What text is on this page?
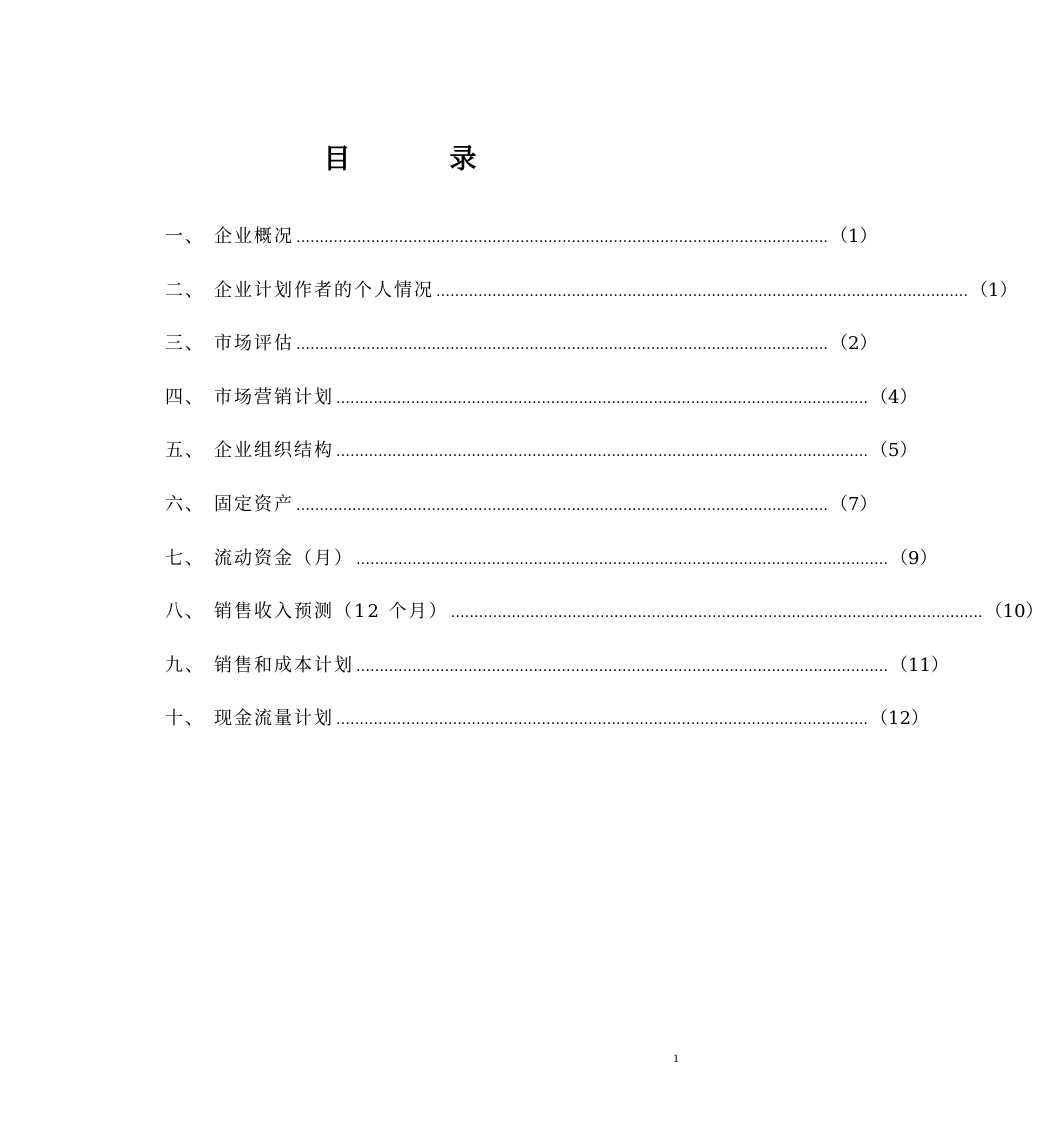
目　录
一、 企业概况 …………………………………………………………………………………………………… （1）
二、 企业计划作者的个人情况 …………………………………………………………………………………………………… （1）
三、 市场评估 …………………………………………………………………………………………………… （2）
四、 市场营销计划 …………………………………………………………………………………………………… （4）
五、 企业组织结构 …………………………………………………………………………………………………… （5）
六、 固定资产 …………………………………………………………………………………………………… （7）
七、 流动资金（月） …………………………………………………………………………………………………… （9）
八、 销售收入预测（12 个月） …………………………………………………………………………………………………… （10）
九、 销售和成本计划 …………………………………………………………………………………………………… （11）
十、 现金流量计划 …………………………………………………………………………………………………… （12）
1
